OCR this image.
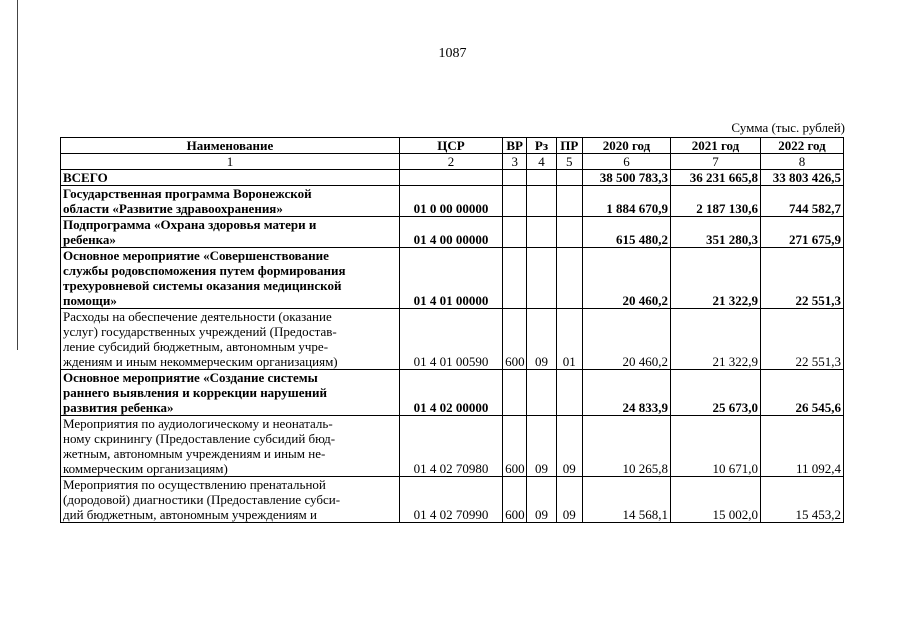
1087
Сумма (тыс. рублей)
Наименование	ЦСР	ВР	Рз	ПР	2020 год	2021 год	2022 год
1	2	3	4	5	6	7	8

ВСЕГО					38 500 783,3	36 231 665,8	33 803 426,5

Государственная программа Воронежской
области «Развитие здравоохранения»	01 0 00 00000				1 884 670,9	2 187 130,6	744 582,7

Подпрограмма «Охрана здоровья матери и
ребенка»	01 4 00 00000				615 480,2	351 280,3	271 675,9

Основное мероприятие «Совершенствование
службы родовспоможения путем формирования
трехуровневой системы оказания медицинской
помощи»	01 4 01 00000				20 460,2	21 322,9	22 551,3

Расходы на обеспечение деятельности (оказание
услуг) государственных учреждений (Предостав-
ление субсидий бюджетным, автономным учре-
ждениям и иным некоммерческим организациям)	01 4 01 00590	600	09	01	20 460,2	21 322,9	22 551,3

Основное мероприятие «Создание системы
раннего выявления и коррекции нарушений
развития ребенка»	01 4 02 00000				24 833,9	25 673,0	26 545,6

Мероприятия по аудиологическому и неонаталь-
ному скринингу (Предоставление субсидий бюд-
жетным, автономным учреждениям и иным не-
коммерческим организациям)	01 4 02 70980	600	09	09	10 265,8	10 671,0	11 092,4

Мероприятия по осуществлению пренатальной
(дородовой) диагностики (Предоставление субси-
дий бюджетным, автономным учреждениям и	01 4 02 70990	600	09	09	14 568,1	15 002,0	15 453,2
